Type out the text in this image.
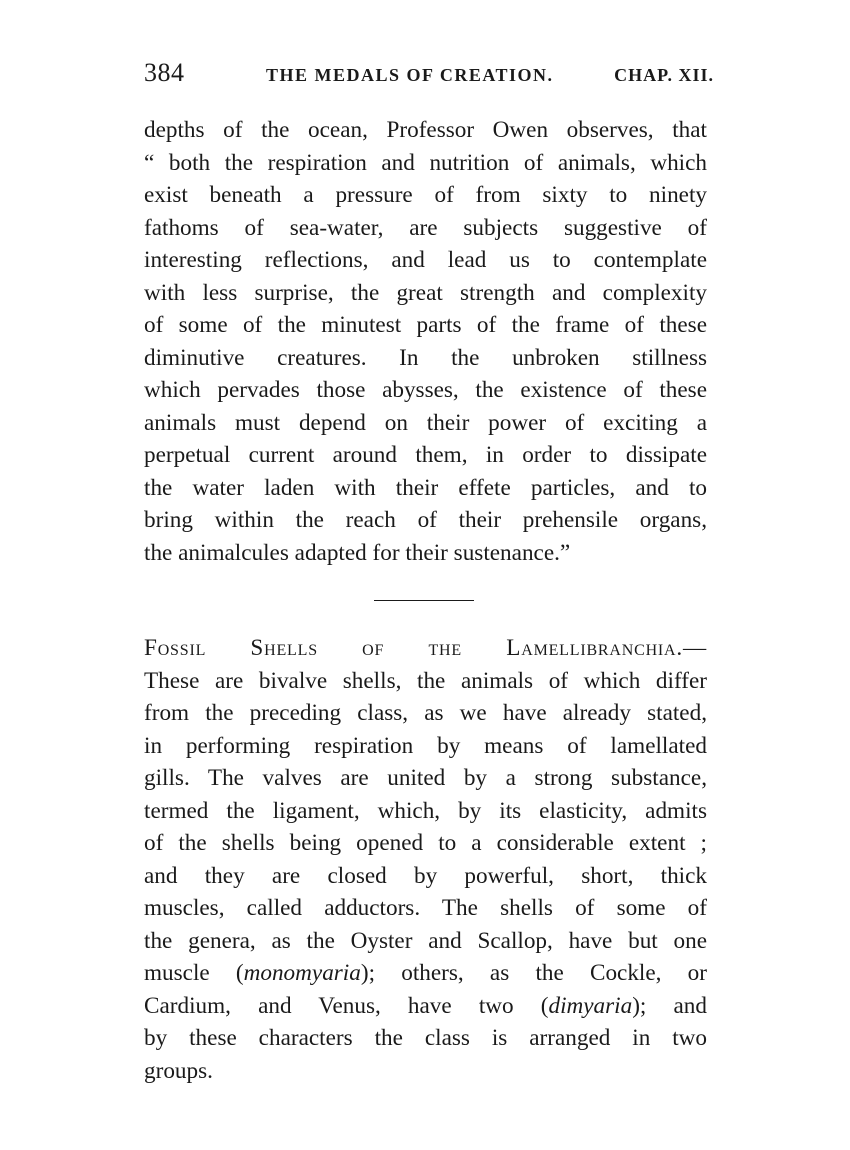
384	THE MEDALS OF CREATION.	CHAP. XII.
depths of the ocean, Professor Owen observes, that
“ both the respiration and nutrition of animals, which
exist beneath a pressure of from sixty to ninety
fathoms of sea-water, are subjects suggestive of
interesting reflections, and lead us to contemplate
with less surprise, the great strength and complexity
of some of the minutest parts of the frame of these
diminutive creatures. In the unbroken stillness
which pervades those abysses, the existence of these
animals must depend on their power of exciting a
perpetual current around them, in order to dissipate
the water laden with their effete particles, and to
bring within the reach of their prehensile organs,
the animalcules adapted for their sustenance.”
Fossil Shells of the Lamellibranchia.—
These are bivalve shells, the animals of which differ
from the preceding class, as we have already stated,
in performing respiration by means of lamellated
gills. The valves are united by a strong substance,
termed the ligament, which, by its elasticity, admits
of the shells being opened to a considerable extent ;
and they are closed by powerful, short, thick
muscles, called adductors. The shells of some of
the genera, as the Oyster and Scallop, have but one
muscle (monomyaria); others, as the Cockle, or
Cardium, and Venus, have two (dimyaria); and
by these characters the class is arranged in two
groups.
